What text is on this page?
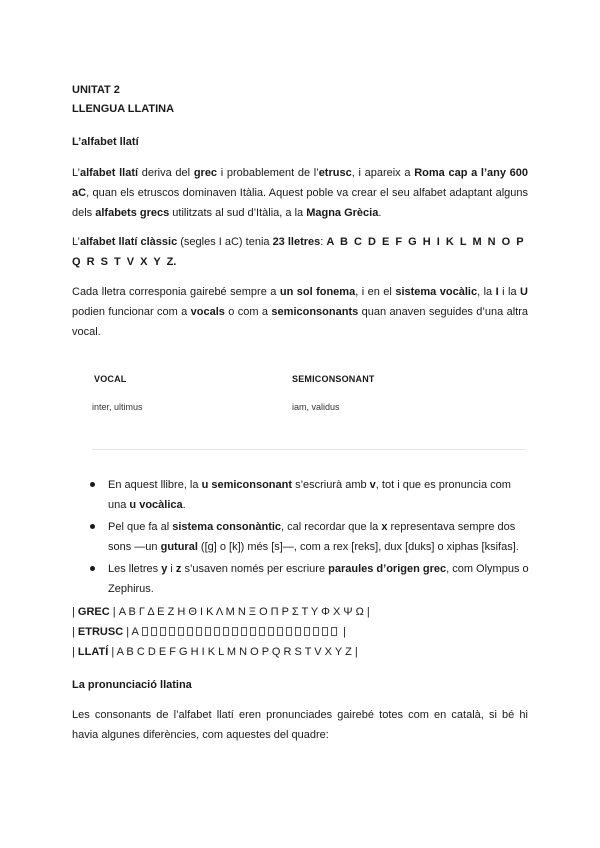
UNITAT 2
LLENGUA LLATINA
L’alfabet llatí

L’alfabet llatí deriva del grec i probablement de l’etrusc, i apareix a Roma cap a l’any 600 aC, quan els etruscos dominaven Itàlia. Aquest poble va crear el seu alfabet adaptant alguns dels alfabets grecs utilitzats al sud d’Itàlia, a la Magna Grècia.

L’alfabet llatí clàssic (segles I aC) tenia 23 lletres: A B C D E F G H I K L M N O P Q R S T V X Y Z.

Cada lletra corresponia gairebé sempre a un sol fonema, i en el sistema vocàlic, la I i la U podien funcionar com a vocals o com a semiconsonants quan anaven seguides d’una altra vocal.

VOCAL	SEMICONSONANT
inter, ultimus	iam, validus
En aquest llibre, la u semiconsonant s’escriurà amb v, tot i que es pronuncia com una u vocàlica.
Pel que fa al sistema consonàntic, cal recordar que la x representava sempre dos sons —un gutural ([g] o [k]) més [s]—, com a rex [reks], dux [duks] o xiphas [ksifas].
Les lletres y i z s’usaven només per escriure paraules d’origen grec, com Olympus o Zephirus.
| GREC | Α Β Γ Δ Ε Ζ Η Θ Ι Κ Λ Μ Ν Ξ Ο Π Ρ Σ Τ Υ Φ Χ Ψ Ω |
| ETRUSC | A	|
| LLATÍ | A B C D E F G H I K L M N O P Q R S T V X Y Z |
La pronunciació llatina

Les consonants de l’alfabet llatí eren pronunciades gairebé totes com en català, si bé hi havia algunes diferències, com aquestes del quadre:
